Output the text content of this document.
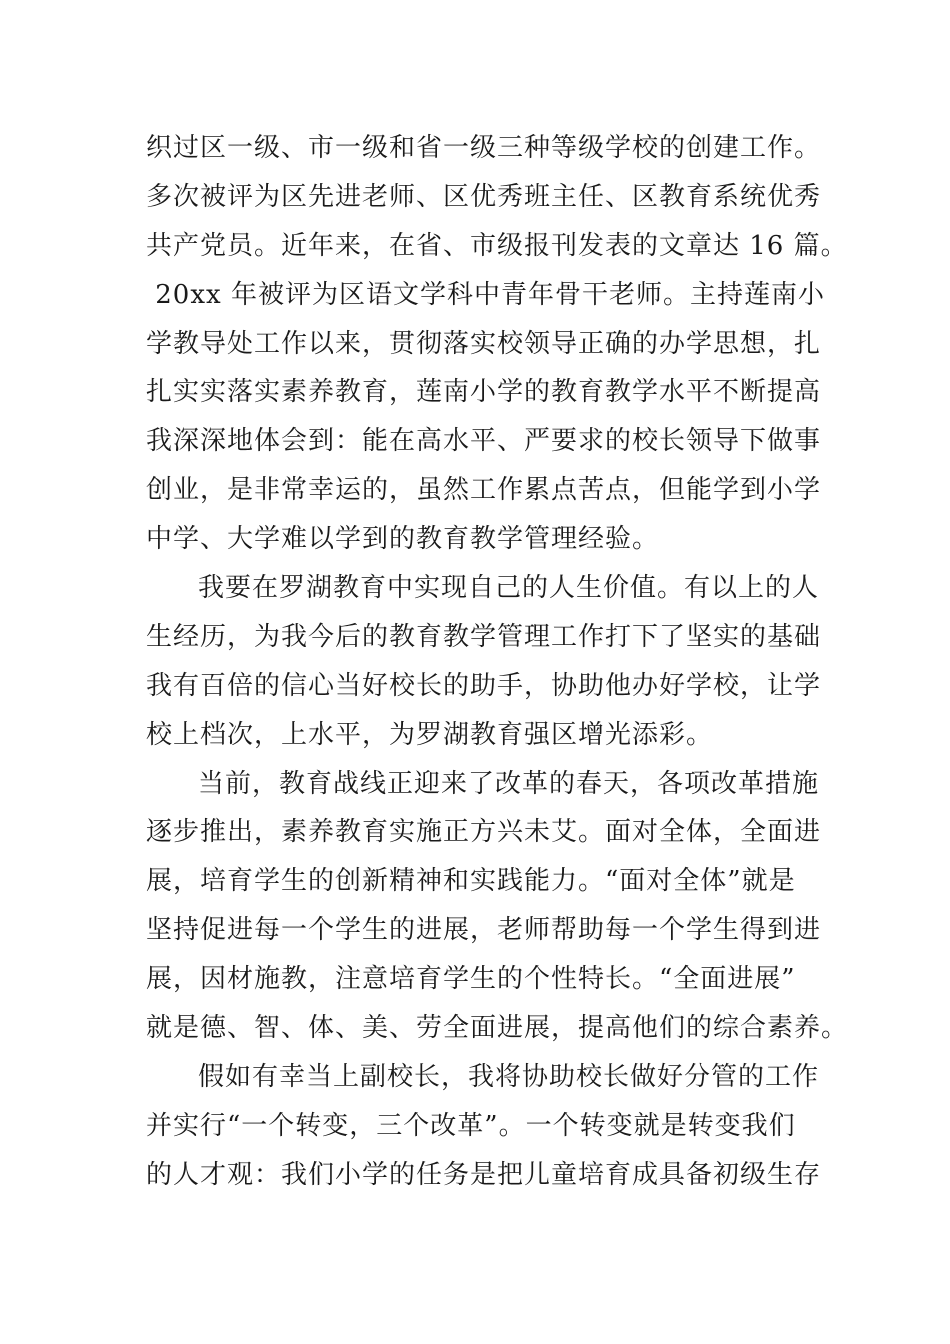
织过区一级、市一级和省一级三种等级学校的创建工作。
多次被评为区先进老师、区优秀班主任、区教育系统优秀
共产党员。近年来，在省、市级报刊发表的文章达 16 篇。
20xx 年被评为区语文学科中青年骨干老师。主持莲南小
学教导处工作以来，贯彻落实校领导正确的办学思想，扎
扎实实落实素养教育，莲南小学的教育教学水平不断提高
我深深地体会到：能在高水平、严要求的校长领导下做事
创业，是非常幸运的，虽然工作累点苦点，但能学到小学
中学、大学难以学到的教育教学管理经验。
我要在罗湖教育中实现自己的人生价值。有以上的人
生经历，为我今后的教育教学管理工作打下了坚实的基础
我有百倍的信心当好校长的助手，协助他办好学校，让学
校上档次，上水平，为罗湖教育强区增光添彩。
当前，教育战线正迎来了改革的春天，各项改革措施
逐步推出，素养教育实施正方兴未艾。面对全体，全面进
展，培育学生的创新精神和实践能力。“面对全体”就是
坚持促进每一个学生的进展，老师帮助每一个学生得到进
展，因材施教，注意培育学生的个性特长。“全面进展”
就是德、智、体、美、劳全面进展，提高他们的综合素养。
假如有幸当上副校长，我将协助校长做好分管的工作
并实行“一个转变，三个改革”。一个转变就是转变我们
的人才观：我们小学的任务是把儿童培育成具备初级生存
